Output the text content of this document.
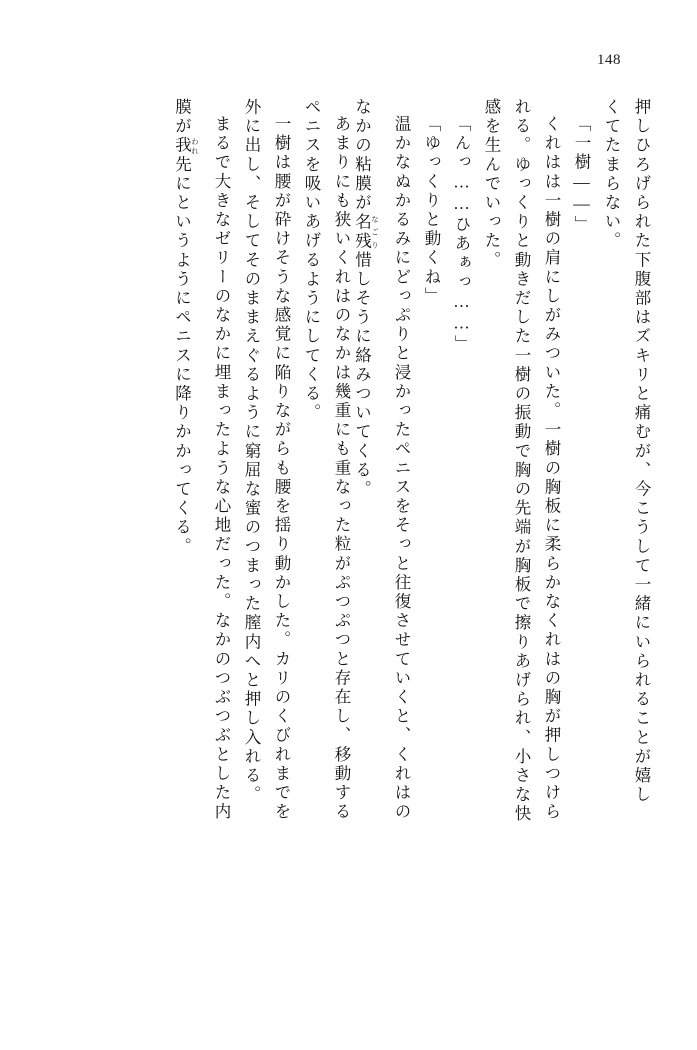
148
押しひろげられた下腹部はズキリと痛むが、今こうして一緒にいられることが嬉し
くてたまらない。
「一樹――」
くれはは一樹の肩にしがみついた。一樹の胸板に柔らかなくれはの胸が押しつけら
れる。ゆっくりと動きだした一樹の振動で胸の先端が胸板で擦りあげられ、小さな快
感を生んでいった。
「んっ……ひあぁっ……」
「ゆっくりと動くね」
温かなぬかるみにどっぷりと浸かったペニスをそっと往復させていくと、くれはの
なかの粘膜が名残 なごり惜しそうに絡みついてくる。
あまりにも狭いくれはのなかは幾重にも重なった粒がぷつぷつと存在し、移動する
ペニスを吸いあげるようにしてくる。
一樹は腰が砕けそうな感覚に陥りながらも腰を揺り動かした。カリのくびれまでを
外に出し、そしてそのままえぐるように窮屈な蜜のつまった膣内へと押し入れる。
まるで大きなゼリーのなかに埋まったような心地だった。なかのつぶつぶとした内
膜が我 われ先にというようにペニスに降りかかってくる。
